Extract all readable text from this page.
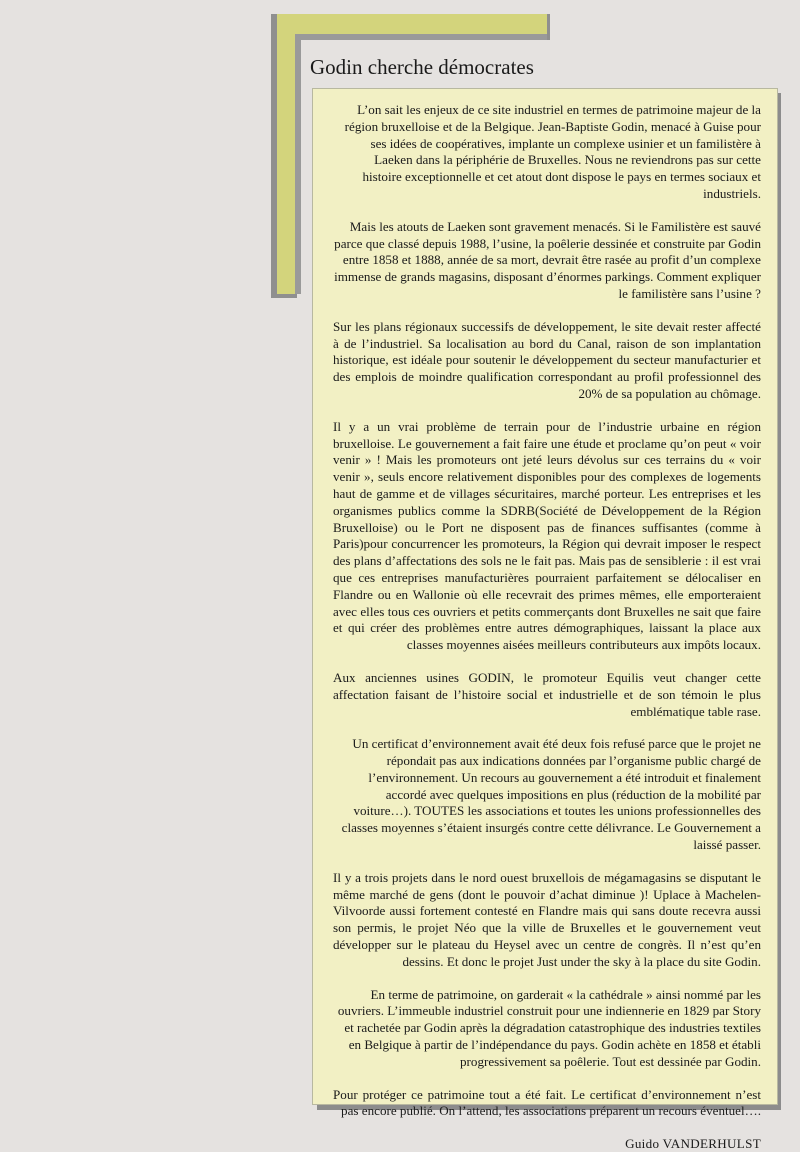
Godin cherche démocrates

L’on sait les enjeux de ce site industriel en termes de patrimoine majeur de la région bruxelloise et de la Belgique. Jean-Baptiste Godin, menacé à Guise pour ses idées de coopératives, implante un complexe usinier et un familistère à Laeken dans la périphérie de Bruxelles. Nous ne reviendrons pas sur cette histoire exceptionnelle et cet atout dont dispose le pays en termes sociaux et industriels.

Mais les atouts de Laeken sont gravement menacés. Si le Familistère est sauvé parce que classé depuis 1988, l’usine, la poêlerie dessinée et construite par Godin entre 1858 et 1888, année de sa mort, devrait être rasée au profit d’un complexe immense de grands magasins, disposant d’énormes parkings. Comment expliquer le familistère sans l’usine ?

Sur les plans régionaux successifs de développement, le site devait rester affecté à de l’industriel. Sa localisation au bord du Canal, raison de son implantation historique, est idéale pour soutenir le développement du secteur manufacturier et des emplois de moindre qualification correspondant au profil professionnel des 20% de sa population au chômage.

Il y a un vrai problème de terrain pour de l’industrie urbaine en région bruxelloise. Le gouvernement a fait faire une étude et proclame qu’on peut « voir venir » ! Mais les promoteurs ont jeté leurs dévolus sur ces terrains du « voir venir », seuls encore relativement disponibles pour des complexes de logements haut de gamme et de villages sécuritaires, marché porteur. Les entreprises et les organismes publics comme la SDRB(Société de Développement de la Région Bruxelloise) ou le Port ne disposent pas de finances suffisantes (comme à Paris)pour concurrencer les promoteurs, la Région qui devrait imposer le respect des plans d’affectations des sols ne le fait pas. Mais pas de sensiblerie : il est vrai que ces entreprises manufacturières pourraient parfaitement se délocaliser en Flandre ou en Wallonie où elle recevrait des primes mêmes, elle emporteraient avec elles tous ces ouvriers et petits commerçants dont Bruxelles ne sait que faire et qui créer des problèmes entre autres démographiques, laissant la place aux classes moyennes aisées meilleurs contributeurs aux impôts locaux.

Aux anciennes usines GODIN, le promoteur Equilis veut changer cette affectation faisant de l’histoire social et industrielle et de son témoin le plus emblématique table rase.

Un certificat d’environnement avait été deux fois refusé parce que le projet ne répondait pas aux indications données par l’organisme public chargé de l’environnement. Un recours au gouvernement a été introduit et finalement accordé avec quelques impositions en plus (réduction de la mobilité par voiture…). TOUTES les associations et toutes les unions professionnelles des classes moyennes s’étaient insurgés contre cette délivrance. Le Gouvernement a laissé passer.

Il y a trois projets dans le nord ouest bruxellois de mégamagasins se disputant le même marché de gens (dont le pouvoir d’achat diminue )! Uplace à Machelen-Vilvoorde aussi fortement contesté en Flandre mais qui sans doute recevra aussi son permis, le projet Néo que la ville de Bruxelles et le gouvernement veut développer sur le plateau du Heysel avec un centre de congrès. Il n’est qu’en dessins. Et donc le projet Just under the sky à la place du site Godin.

En terme de patrimoine, on garderait « la cathédrale » ainsi nommé par les ouvriers. L’immeuble industriel construit pour une indiennerie en 1829 par Story et rachetée par Godin après la dégradation catastrophique des industries textiles en Belgique à partir de l’indépendance du pays. Godin achète en 1858 et établi progressivement sa poêlerie. Tout est dessinée par Godin.

Pour protéger ce patrimoine tout a été fait. Le certificat d’environnement n’est pas encore publié. On l’attend, les associations préparent un recours éventuel….

Guido VANDERHULST
